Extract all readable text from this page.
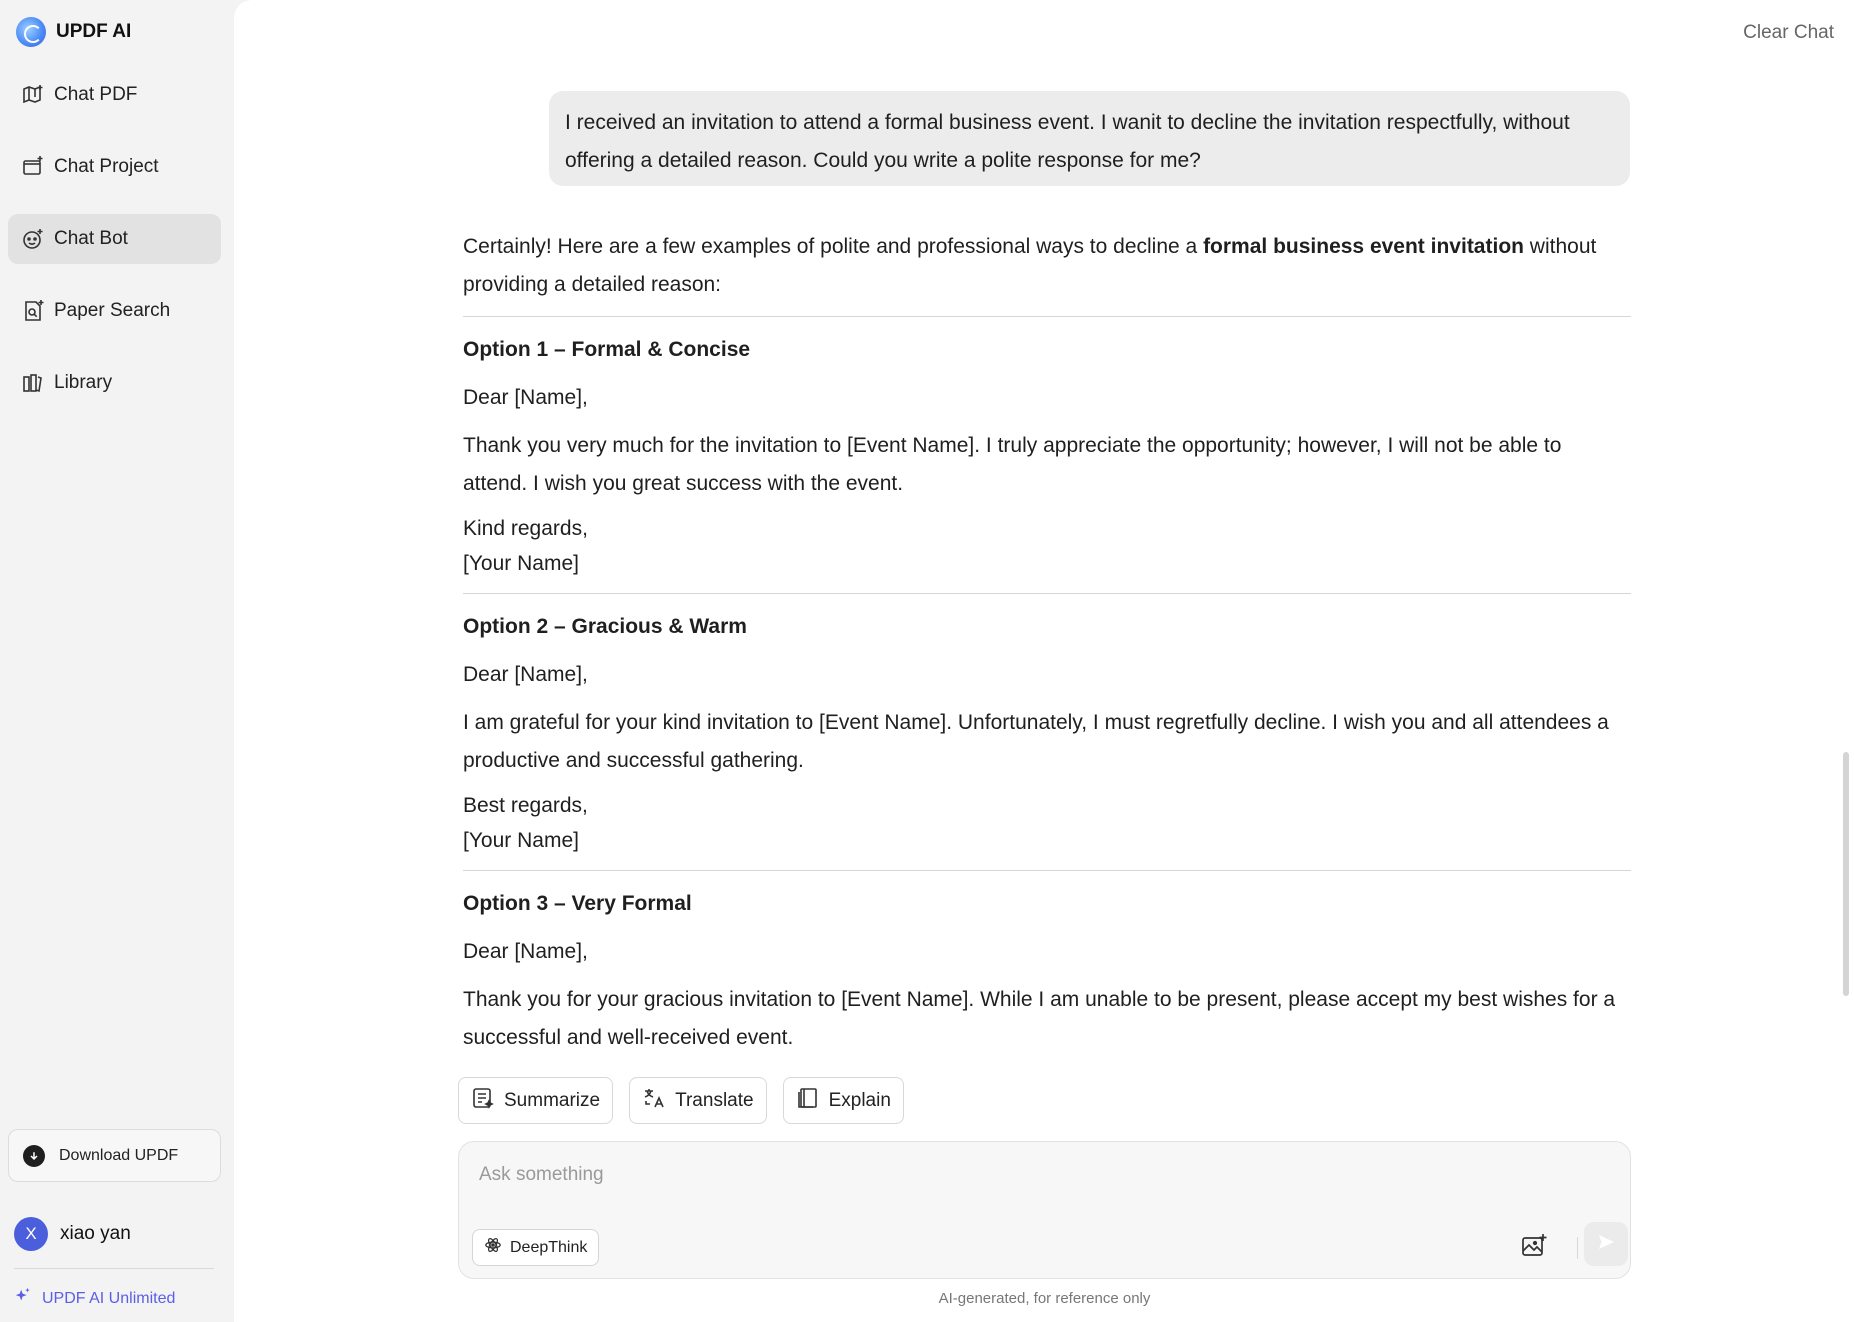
UPDF AI
Chat PDF
Chat Project
Chat Bot
Paper Search
Library
Download UPDF
X	xiao yan
UPDF AI Unlimited
Clear Chat
I received an invitation to attend a formal business event. I wanit to decline the invitation respectfully, without offering a detailed reason. Could you write a polite response for me?

Certainly! Here are a few examples of polite and professional ways to decline a formal business event invitation without providing a detailed reason:

Option 1 – Formal & Concise

Dear [Name],

Thank you very much for the invitation to [Event Name]. I truly appreciate the opportunity; however, I will not be able to attend. I wish you great success with the event.

Kind regards,

[Your Name]

Option 2 – Gracious & Warm

Dear [Name],

I am grateful for your kind invitation to [Event Name]. Unfortunately, I must regretfully decline. I wish you and all attendees a productive and successful gathering.

Best regards,

[Your Name]

Option 3 – Very Formal

Dear [Name],

Thank you for your gracious invitation to [Event Name]. While I am unable to be present, please accept my best wishes for a successful and well-received event.

Summarize	Translate	Explain
Ask something
DeepThink
AI-generated, for reference only
